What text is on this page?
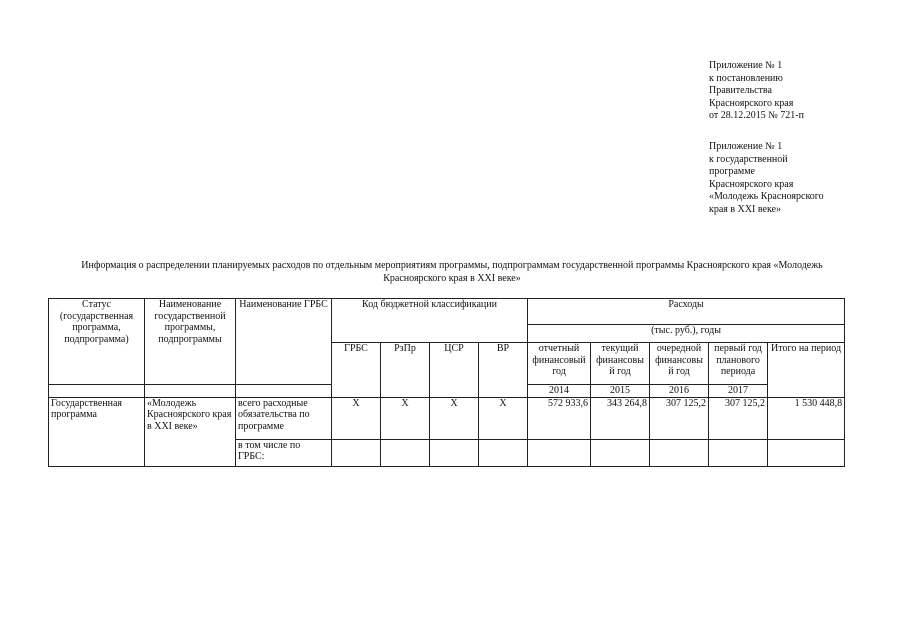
Приложение № 1
к постановлению
Правительства
Красноярского края
от 28.12.2015 № 721-п
Приложение № 1
к государственной
программе
Красноярского края
«Молодежь Красноярского
края в XXI веке»
Информация о распределении планируемых расходов по отдельным мероприятиям программы, подпрограммам государственной программы Красноярского края «Молодежь
Красноярского края в XXI веке»
Статус (государственная программа, подпрограмма)	Наименование государственной программы, подпрограммы	Наименование ГРБС	Код бюджетной классификации				Расходы				
							(тыс. руб.), годы				
			ГРБС	РзПр	ЦСР	ВР	отчетный финансовый год	текущий финансовы й год	очередной финансовы й год	первый год планового периода	Итого на период
							2014	2015	2016	2017	
Государственная программа	«Молодежь Красноярского края в XXI веке»	всего расходные обязательства по программе	Х	Х	Х	Х	572 933,6	343 264,8	307 125,2	307 125,2	1 530 448,8
		в том числе по ГРБС:									
